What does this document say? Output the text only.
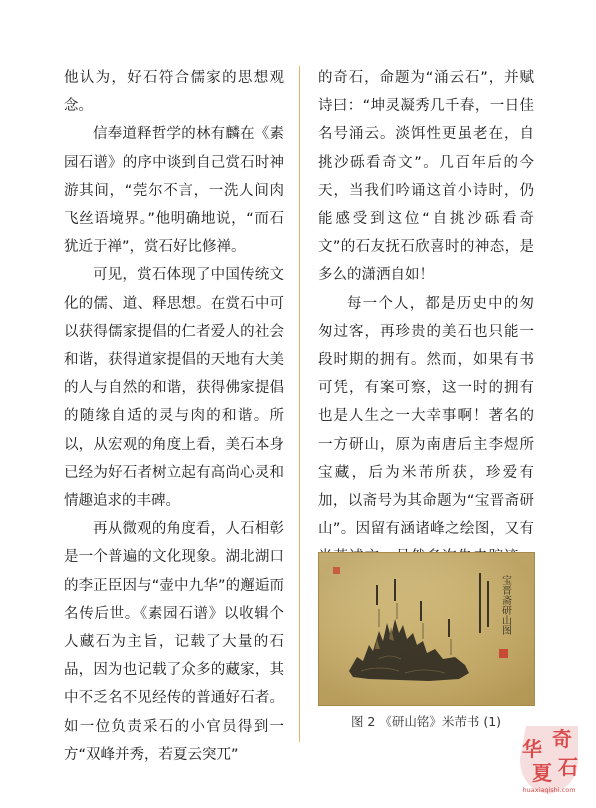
他认为，好石符合儒家的思想观念。

信奉道释哲学的林有麟在《素园石谱》的序中谈到自己赏石时神游其间，“莞尔不言，一洗人间肉飞丝语境界。”他明确地说，“而石犹近于禅”，赏石好比修禅。

可见，赏石体现了中国传统文化的儒、道、释思想。在赏石中可以获得儒家提倡的仁者爱人的社会和谐，获得道家提倡的天地有大美的人与自然的和谐，获得佛家提倡的随缘自适的灵与肉的和谐。所以，从宏观的角度上看，美石本身已经为好石者树立起有高尚心灵和情趣追求的丰碑。

再从微观的角度看，人石相彰是一个普遍的文化现象。湖北湖口的李正臣因与“壶中九华”的邂逅而名传后世。《素园石谱》以收辑个人藏石为主旨，记载了大量的石品，因为也记载了众多的藏家，其中不乏名不见经传的普通好石者。如一位负责采石的小官员得到一方“双峰并秀，若夏云突兀”

的奇石，命题为“涌云石”，并赋诗曰：“坤灵凝秀几千春，一日佳名号涌云。淡饵性更虽老在，自挑沙砾看奇文”。几百年后的今天，当我们吟诵这首小诗时，仍能感受到这位“自挑沙砾看奇文”的石友抚石欣喜时的神态，是多么的潇洒自如！

每一个人，都是历史中的匆匆过客，再珍贵的美石也只能一段时期的拥有。然而，如果有书可凭，有案可察，这一时的拥有也是人生之一大幸事啊！著名的一方研山，原为南唐后主李煜所宝藏，后为米芾所获，珍爱有加，以斋号为其命题为“宝晋斋研山”。因留有涵诸峰之绘图，又有

宝晋斋研山图
图 2 《研山铭》米芾书 (1)
华 奇
夏 石
huaxiaqishi.com
